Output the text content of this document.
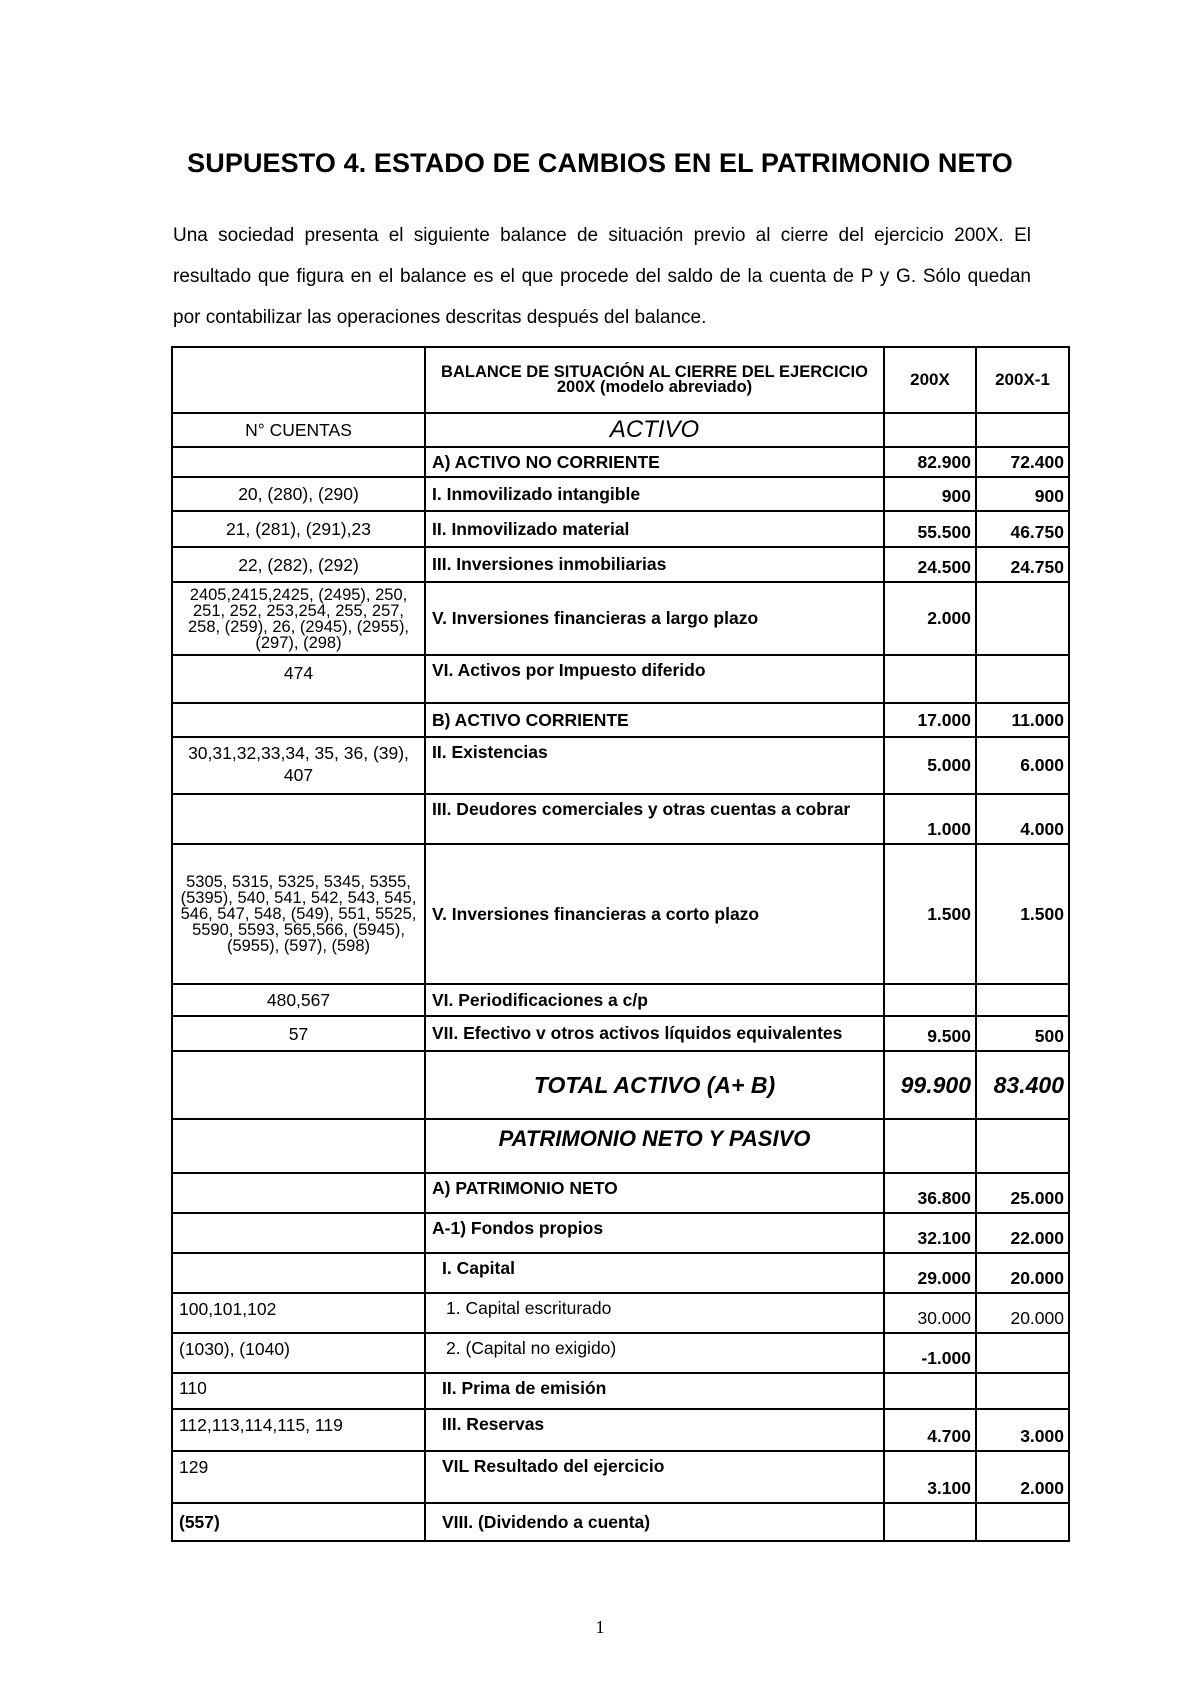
SUPUESTO 4. ESTADO DE CAMBIOS EN EL PATRIMONIO NETO
Una sociedad presenta el siguiente balance de situación previo al cierre del ejercicio 200X. El resultado que figura en el balance es el que procede del saldo de la cuenta de P y G. Sólo quedan por contabilizar las operaciones descritas después del balance.
	BALANCE DE SITUACIÓN AL CIERRE DEL EJERCICIO 200X (modelo abreviado)	200X	200X-1
N° CUENTAS	ACTIVO		
	A) ACTIVO NO CORRIENTE	82.900	72.400
20, (280), (290)	I. Inmovilizado intangible	900	900
21, (281), (291),23	II. Inmovilizado material	55.500	46.750
22, (282), (292)	III. Inversiones inmobiliarias	24.500	24.750
2405,2415,2425, (2495), 250, 251, 252, 253,254, 255, 257, 258, (259), 26, (2945), (2955), (297), (298)	V. Inversiones financieras a largo plazo	2.000	
474	VI. Activos por Impuesto diferido		
	B) ACTIVO CORRIENTE	17.000	11.000
30,31,32,33,34, 35, 36, (39), 407	II. Existencias	5.000	6.000
	III. Deudores comerciales y otras cuentas a cobrar	1.000	4.000
5305, 5315, 5325, 5345, 5355, (5395), 540, 541, 542, 543, 545, 546, 547, 548, (549), 551, 5525, 5590, 5593, 565,566, (5945), (5955), (597), (598)	V. Inversiones financieras a corto plazo	1.500	1.500
480,567	VI. Periodificaciones a c/p		
57	VII. Efectivo v otros activos líquidos equivalentes	9.500	500
	TOTAL ACTIVO (A+ B)	99.900	83.400
	PATRIMONIO NETO Y PASIVO		
	A) PATRIMONIO NETO	36.800	25.000
	A-1) Fondos propios	32.100	22.000
	I. Capital	29.000	20.000
100,101,102	1. Capital escriturado	30.000	20.000
(1030), (1040)	2. (Capital no exigido)	-1.000	
110	II. Prima de emisión		
112,113,114,115, 119	III. Reservas	4.700	3.000
129	VIL Resultado del ejercicio	3.100	2.000
(557)	VIII. (Dividendo a cuenta)		
1
